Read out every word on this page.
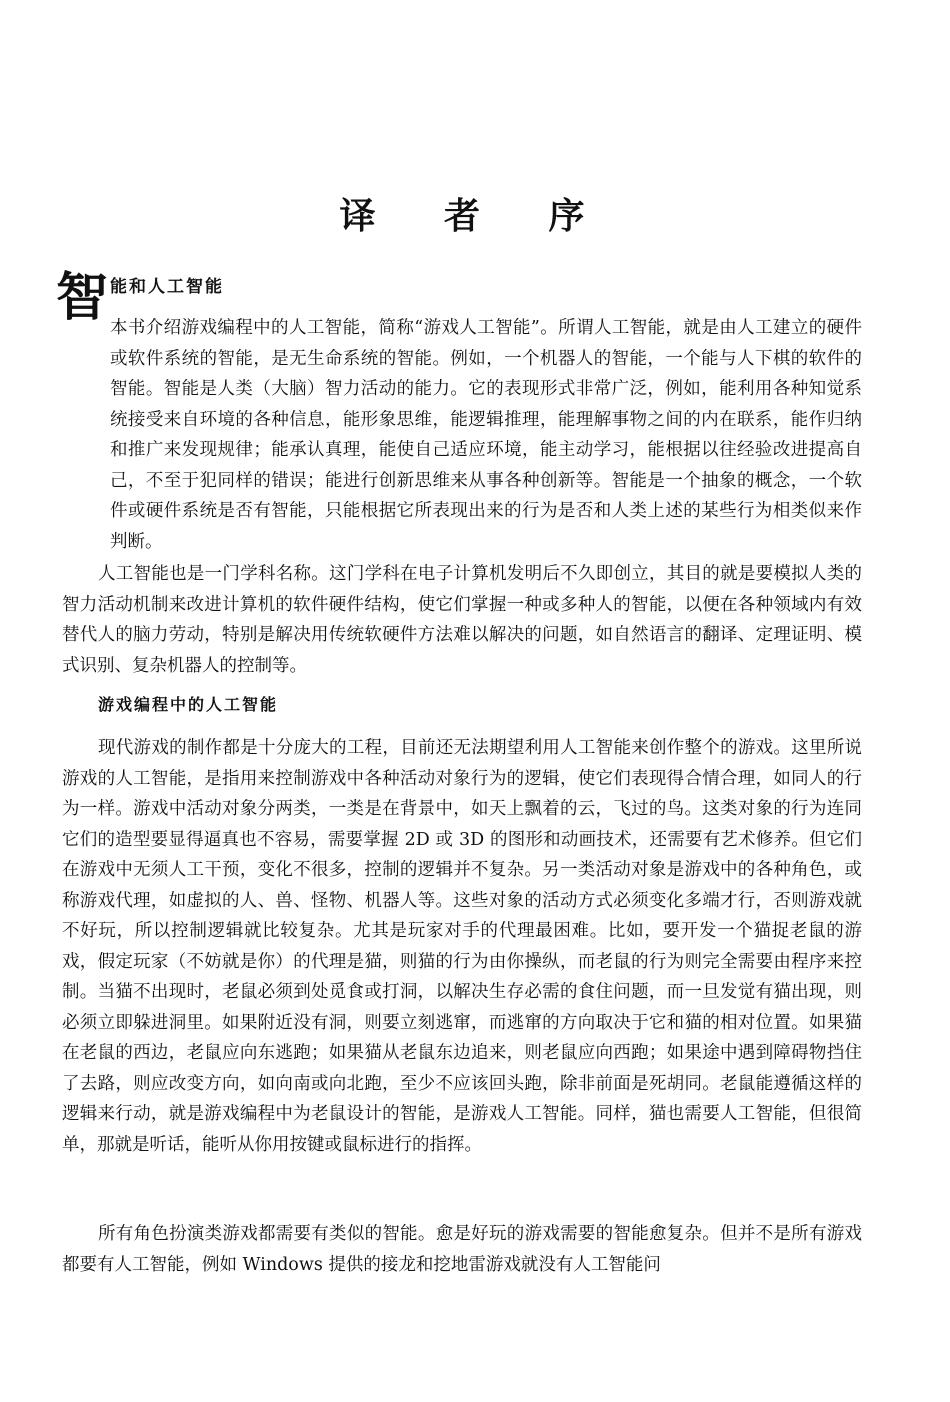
译 者 序
智 能和人工智能

本书介绍游戏编程中的人工智能，简称“游戏人工智能”。所谓人工智能，就是由人工建立的硬件或软件系统的智能，是无生命系统的智能。例如，一个机器人的智能，一个能与人下棋的软件的智能。智能是人类（大脑）智力活动的能力。它的表现形式非常广泛，例如，能利用各种知觉系统接受来自环境的各种信息，能形象思维，能逻辑推理，能理解事物之间的内在联系，能作归纳和推广来发现规律；能承认真理，能使自己适应环境，能主动学习，能根据以往经验改进提高自己，不至于犯同样的错误；能进行创新思维来从事各种创新等。智能是一个抽象的概念，一个软件或硬件系统是否有智能，只能根据它所表现出来的行为是否和人类上述的某些行为相类似来作判断。

人工智能也是一门学科名称。这门学科在电子计算机发明后不久即创立，其目的就是要模拟人类的智力活动机制来改进计算机的软件硬件结构，使它们掌握一种或多种人的智能，以便在各种领域内有效替代人的脑力劳动，特别是解决用传统软硬件方法难以解决的问题，如自然语言的翻译、定理证明、模式识别、复杂机器人的控制等。

游戏编程中的人工智能

现代游戏的制作都是十分庞大的工程，目前还无法期望利用人工智能来创作整个的游戏。这里所说游戏的人工智能，是指用来控制游戏中各种活动对象行为的逻辑，使它们表现得合情合理，如同人的行为一样。游戏中活动对象分两类，一类是在背景中，如天上飘着的云，飞过的鸟。这类对象的行为连同它们的造型要显得逼真也不容易，需要掌握 2D 或 3D 的图形和动画技术，还需要有艺术修养。但它们在游戏中无须人工干预，变化不很多，控制的逻辑并不复杂。另一类活动对象是游戏中的各种角色，或称游戏代理，如虚拟的人、兽、怪物、机器人等。这些对象的活动方式必须变化多端才行，否则游戏就不好玩，所以控制逻辑就比较复杂。尤其是玩家对手的代理最困难。比如，要开发一个猫捉老鼠的游戏，假定玩家（不妨就是你）的代理是猫，则猫的行为由你操纵，而老鼠的行为则完全需要由程序来控制。当猫不出现时，老鼠必须到处觅食或打洞，以解决生存必需的食住问题，而一旦发觉有猫出现，则必须立即躲进洞里。如果附近没有洞，则要立刻逃窜，而逃窜的方向取决于它和猫的相对位置。如果猫在老鼠的西边，老鼠应向东逃跑；如果猫从老鼠东边追来，则老鼠应向西跑；如果途中遇到障碍物挡住了去路，则应改变方向，如向南或向北跑，至少不应该回头跑，除非前面是死胡同。老鼠能遵循这样的逻辑来行动，就是游戏编程中为老鼠设计的智能，是游戏人工智能。同样，猫也需要人工智能，但很简单，那就是听话，能听从你用按键或鼠标进行的指挥。

所有角色扮演类游戏都需要有类似的智能。愈是好玩的游戏需要的智能愈复杂。但并不是所有游戏都要有人工智能，例如 Windows 提供的接龙和挖地雷游戏就没有人工智能问
